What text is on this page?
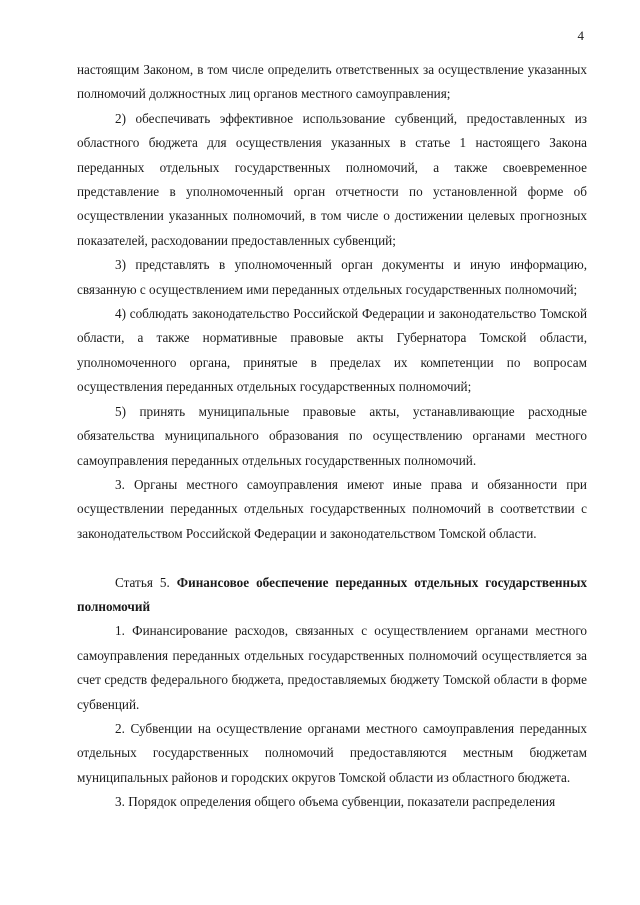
4

настоящим Законом, в том числе определить ответственных за осуществление указанных полномочий должностных лиц органов местного самоуправления;

2) обеспечивать эффективное использование субвенций, предоставленных из областного бюджета для осуществления указанных в статье 1 настоящего Закона переданных отдельных государственных полномочий, а также своевременное представление в уполномоченный орган отчетности по установленной форме об осуществлении указанных полномочий, в том числе о достижении целевых прогнозных показателей, расходовании предоставленных субвенций;

3) представлять в уполномоченный орган документы и иную информацию, связанную с осуществлением ими переданных отдельных государственных полномочий;

4) соблюдать законодательство Российской Федерации и законодательство Томской области, а также нормативные правовые акты Губернатора Томской области, уполномоченного органа, принятые в пределах их компетенции по вопросам осуществления переданных отдельных государственных полномочий;

5) принять муниципальные правовые акты, устанавливающие расходные обязательства муниципального образования по осуществлению органами местного самоуправления переданных отдельных государственных полномочий.

3. Органы местного самоуправления имеют иные права и обязанности при осуществлении переданных отдельных государственных полномочий в соответствии с законодательством Российской Федерации и законодательством Томской области.

Статья 5. Финансовое обеспечение переданных отдельных государственных полномочий

1. Финансирование расходов, связанных с осуществлением органами местного самоуправления переданных отдельных государственных полномочий осуществляется за счет средств федерального бюджета, предоставляемых бюджету Томской области в форме субвенций.

2. Субвенции на осуществление органами местного самоуправления переданных отдельных государственных полномочий предоставляются местным бюджетам муниципальных районов и городских округов Томской области из областного бюджета.

3. Порядок определения общего объема субвенции, показатели распределения
